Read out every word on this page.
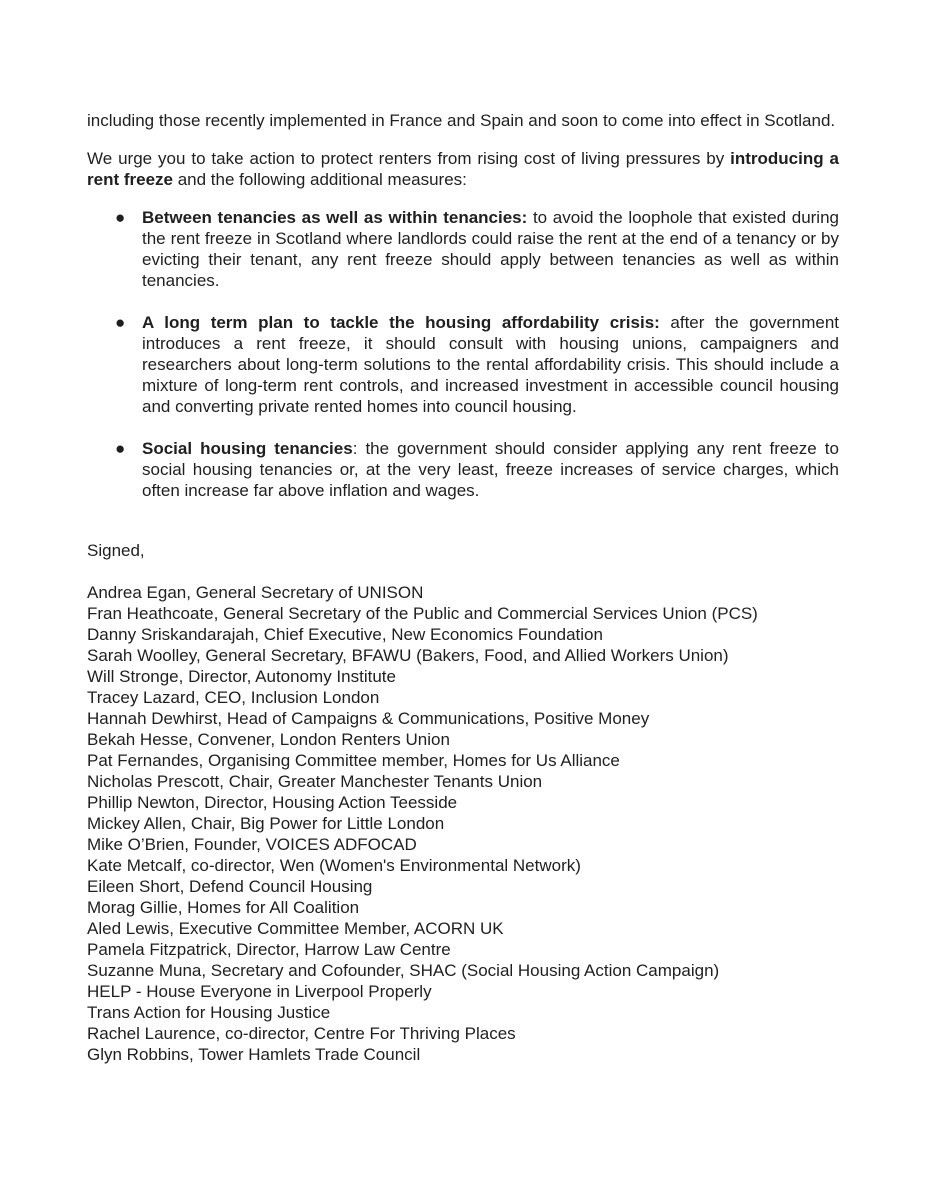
including those recently implemented in France and Spain and soon to come into effect in Scotland.

We urge you to take action to protect renters from rising cost of living pressures by introducing a rent freeze and the following additional measures:

● Between tenancies as well as within tenancies: to avoid the loophole that existed during the rent freeze in Scotland where landlords could raise the rent at the end of a tenancy or by evicting their tenant, any rent freeze should apply between tenancies as well as within tenancies.
● A long term plan to tackle the housing affordability crisis: after the government introduces a rent freeze, it should consult with housing unions, campaigners and researchers about long-term solutions to the rental affordability crisis. This should include a mixture of long-term rent controls, and increased investment in accessible council housing and converting private rented homes into council housing.
● Social housing tenancies: the government should consider applying any rent freeze to social housing tenancies or, at the very least, freeze increases of service charges, which often increase far above inflation and wages.

Signed,

Andrea Egan, General Secretary of UNISON
Fran Heathcoate, General Secretary of the Public and Commercial Services Union (PCS)
Danny Sriskandarajah, Chief Executive, New Economics Foundation
Sarah Woolley, General Secretary, BFAWU (Bakers, Food, and Allied Workers Union)
Will Stronge, Director, Autonomy Institute
Tracey Lazard, CEO, Inclusion London
Hannah Dewhirst, Head of Campaigns & Communications, Positive Money
Bekah Hesse, Convener, London Renters Union
Pat Fernandes, Organising Committee member, Homes for Us Alliance
Nicholas Prescott, Chair, Greater Manchester Tenants Union
Phillip Newton, Director, Housing Action Teesside
Mickey Allen, Chair, Big Power for Little London
Mike O’Brien, Founder, VOICES ADFOCAD
Kate Metcalf, co-director, Wen (Women's Environmental Network)
Eileen Short, Defend Council Housing
Morag Gillie, Homes for All Coalition
Aled Lewis, Executive Committee Member, ACORN UK
Pamela Fitzpatrick, Director, Harrow Law Centre
Suzanne Muna, Secretary and Cofounder, SHAC (Social Housing Action Campaign)
HELP - House Everyone in Liverpool Properly
Trans Action for Housing Justice
Rachel Laurence, co-director, Centre For Thriving Places
Glyn Robbins, Tower Hamlets Trade Council
